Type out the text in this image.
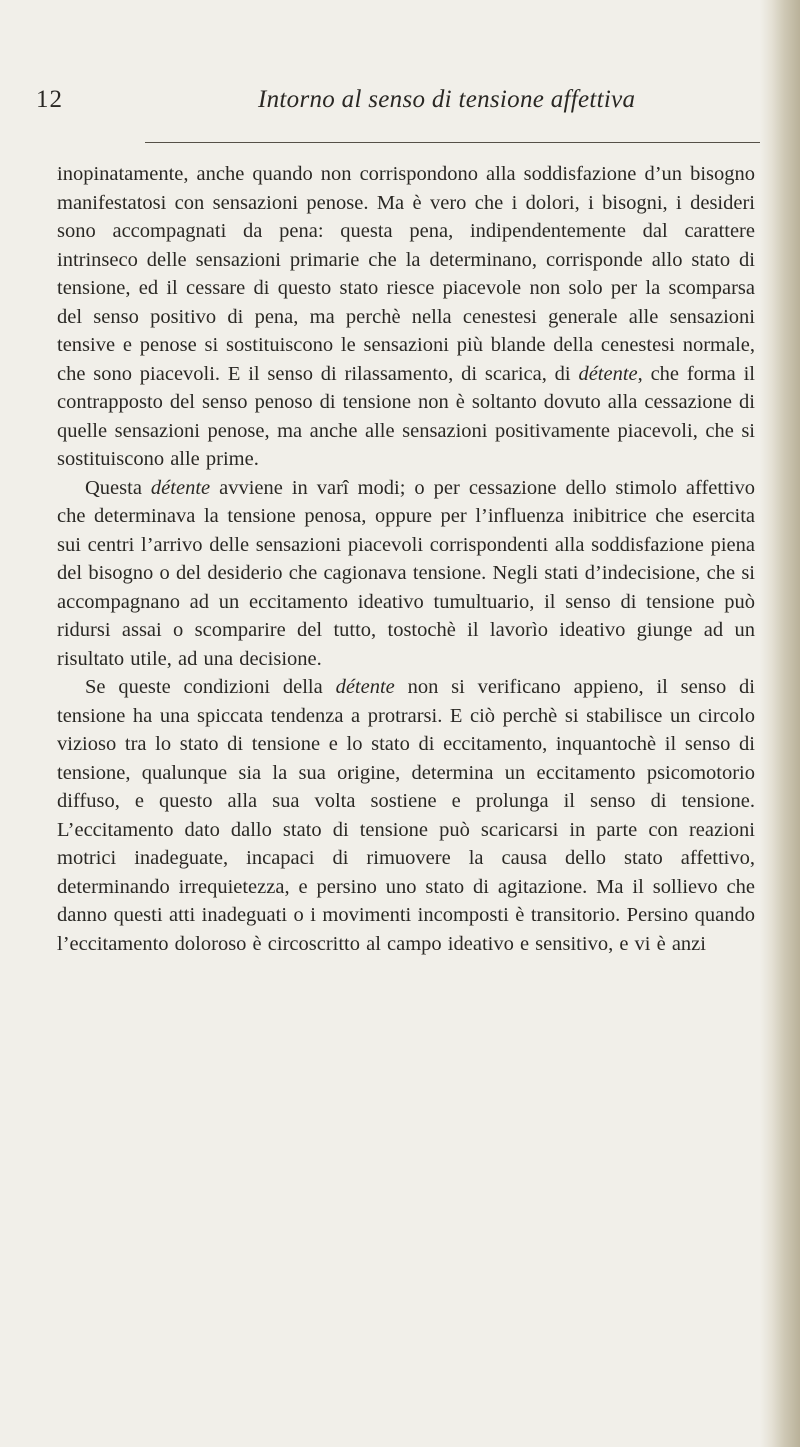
12	Intorno al senso di tensione affettiva

inopinatamente, anche quando non corrispondono alla soddisfazione d’un bisogno manifestatosi con sensazioni penose. Ma è vero che i dolori, i bisogni, i desideri sono accompagnati da pena: questa pena, indipendentemente dal carattere intrinseco delle sensazioni primarie che la determinano, corrisponde allo stato di tensione, ed il cessare di questo stato riesce piacevole non solo per la scomparsa del senso positivo di pena, ma perchè nella cenestesi generale alle sensazioni tensive e penose si sostituiscono le sensazioni più blande della cenestesi normale, che sono piacevoli. E il senso di rilassamento, di scarica, di détente, che forma il contrapposto del senso penoso di tensione non è soltanto dovuto alla cessazione di quelle sensazioni penose, ma anche alle sensazioni positivamente piacevoli, che si sostituiscono alle prime.

Questa détente avviene in varî modi; o per cessazione dello stimolo affettivo che determinava la tensione penosa, oppure per l’influenza inibitrice che esercita sui centri l’arrivo delle sensazioni piacevoli corrispondenti alla soddisfazione piena del bisogno o del desiderio che cagionava tensione. Negli stati d’indecisione, che si accompagnano ad un eccitamento ideativo tumultuario, il senso di tensione può ridursi assai o scomparire del tutto, tostochè il lavorìo ideativo giunge ad un risultato utile, ad una decisione.

Se queste condizioni della détente non si verificano appieno, il senso di tensione ha una spiccata tendenza a protrarsi. E ciò perchè si stabilisce un circolo vizioso tra lo stato di tensione e lo stato di eccitamento, inquantochè il senso di tensione, qualunque sia la sua origine, determina un eccitamento psicomotorio diffuso, e questo alla sua volta sostiene e prolunga il senso di tensione. L’eccitamento dato dallo stato di tensione può scaricarsi in parte con reazioni motrici inadeguate, incapaci di rimuovere la causa dello stato affettivo, determinando irrequietezza, e persino uno stato di agitazione. Ma il sollievo che danno questi atti inadeguati o i movimenti incomposti è transitorio. Persino quando l’eccitamento doloroso è circoscritto al campo ideativo e sensitivo, e vi è anzi
